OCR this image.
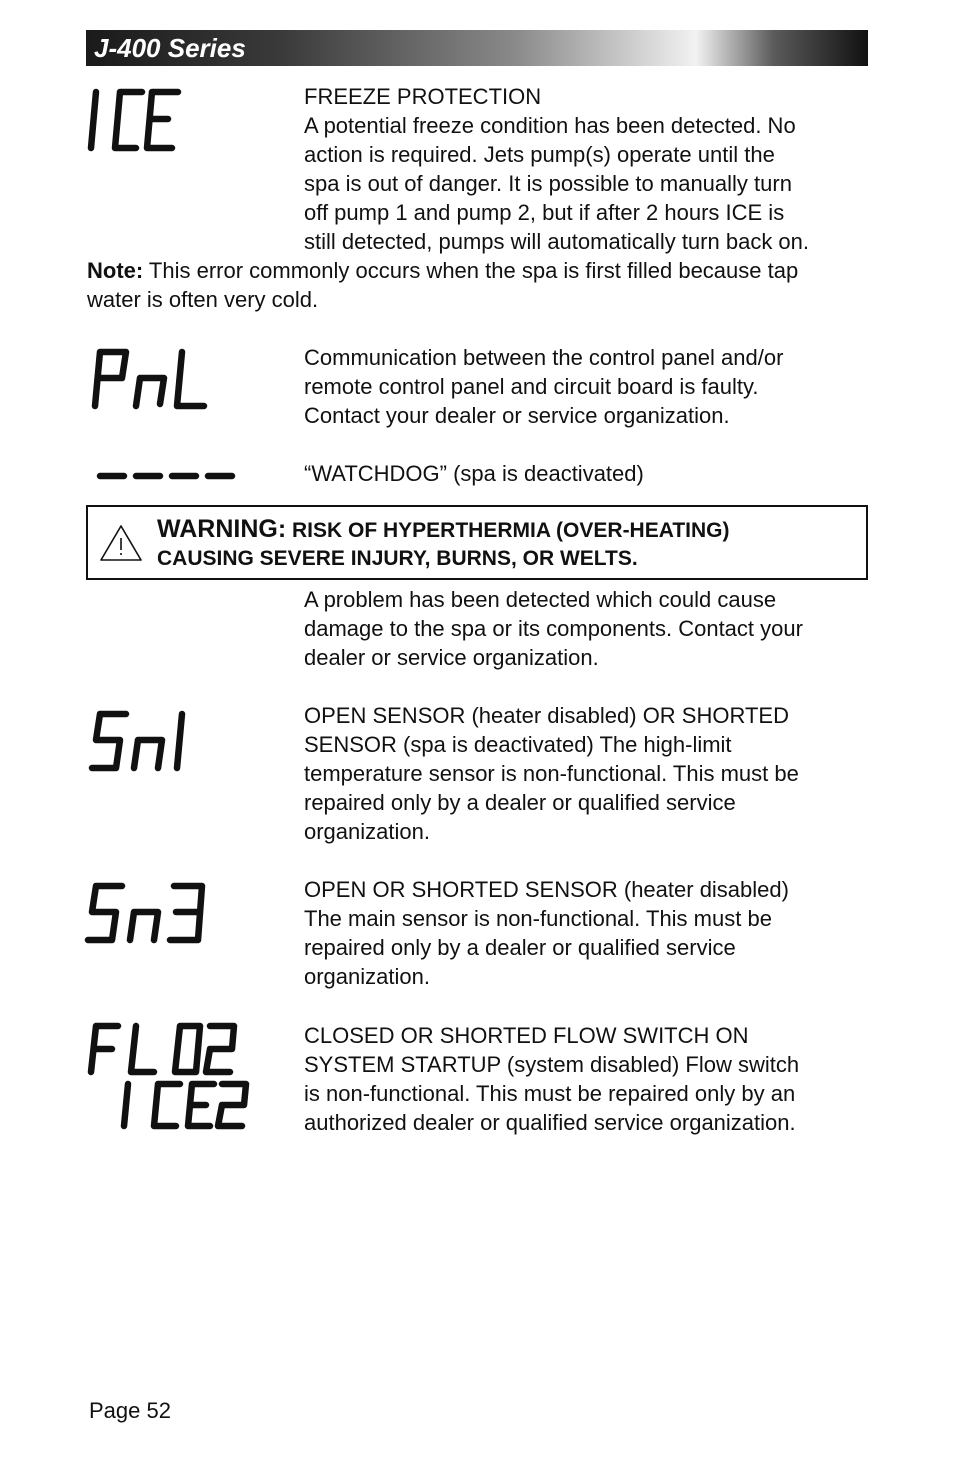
J-400 Series
FREEZE PROTECTION
A potential freeze condition has been detected. No
action is required. Jets pump(s) operate until the
spa is out of danger. It is possible to manually turn
off pump 1 and pump 2, but if after 2 hours ICE is
still detected, pumps will automatically turn back on.
Note: This error commonly occurs when the spa is first filled because tap
water is often very cold.
Communication between the control panel and/or
remote control panel and circuit board is faulty.
Contact your dealer or service organization.
“WATCHDOG” (spa is deactivated)
WARNING: RISK OF HYPERTHERMIA (OVER-HEATING)
CAUSING SEVERE INJURY, BURNS, OR WELTS.
A problem has been detected which could cause
damage to the spa or its components. Contact your
dealer or service organization.
OPEN SENSOR (heater disabled) OR SHORTED
SENSOR (spa is deactivated) The high-limit
temperature sensor is non-functional. This must be
repaired only by a dealer or qualified service
organization.
OPEN OR SHORTED SENSOR (heater disabled)
The main sensor is non-functional. This must be
repaired only by a dealer or qualified service
organization.
CLOSED OR SHORTED FLOW SWITCH ON
SYSTEM STARTUP (system disabled) Flow switch
is non-functional. This must be repaired only by an
authorized dealer or qualified service organization.
Page 52
